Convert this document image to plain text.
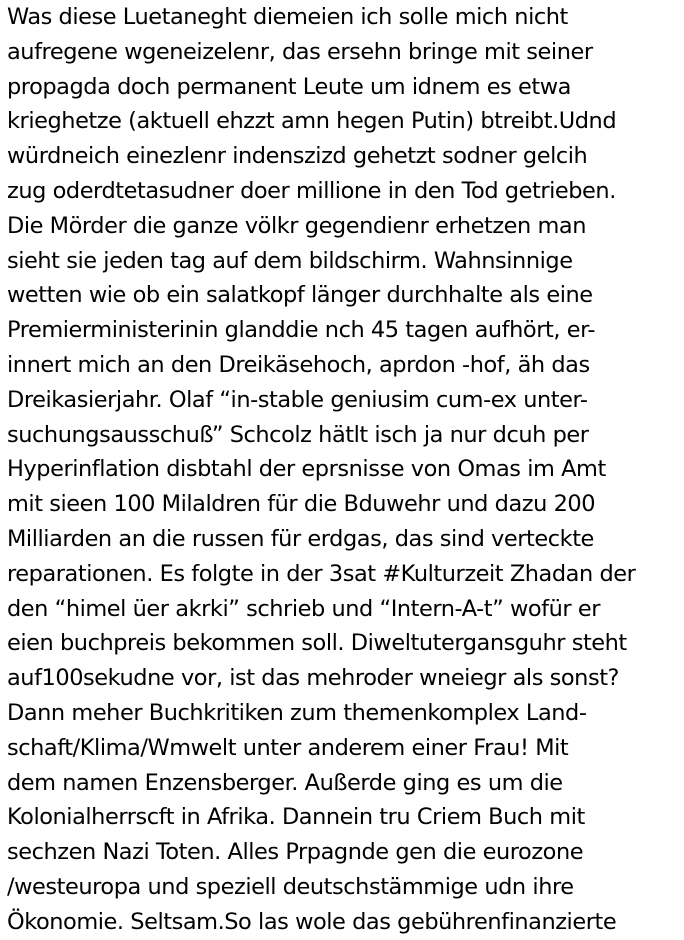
Was diese Luetaneght diemeien ich solle mich nicht
aufregene wgeneizelenr, das ersehn bringe mit seiner
propagda doch permanent Leute um idnem es etwa
krieghetze (aktuell ehzzt amn hegen Putin) btreibt.Udnd
würdneich einezlenr indenszizd gehetzt sodner gelcih
zug oderdtetasudner doer millione in den Tod getrieben.
Die Mörder die ganze völkr gegendienr erhetzen man
sieht sie jeden tag auf dem bildschirm. Wahnsinnige
wetten wie ob ein salatkopf länger durchhalte als eine
Premierministerinin glanddie nch 45 tagen aufhört, er-
innert mich an den Dreikäsehoch, aprdon -hof, äh das
Dreikasierjahr. Olaf “in-stable geniusim cum-ex unter-
suchungsausschuß” Schcolz hätlt isch ja nur dcuh per
Hyperinflation disbtahl der eprsnisse von Omas im Amt
mit sieen 100 Milaldren für die Bduwehr und dazu 200
Milliarden an die russen für erdgas, das sind verteckte
reparationen. Es folgte in der 3sat #Kulturzeit Zhadan der
den “himel üer akrki” schrieb und “Intern-A-t” wofür er
eien buchpreis bekommen soll. Diweltutergansguhr steht
auf100sekudne vor, ist das mehroder wneiegr als sonst?
Dann meher Buchkritiken zum themenkomplex Land-
schaft/Klima/Wmwelt unter anderem einer Frau! Mit
dem namen Enzensberger. Außerde ging es um die
Kolonialherrscft in Afrika. Dannein tru Criem Buch mit
sechzen Nazi Toten. Alles Prpagnde gen die eurozone
/westeuropa und speziell deutschstämmige udn ihre
Ökonomie. Seltsam.So las wole das gebührenfinanzierte
